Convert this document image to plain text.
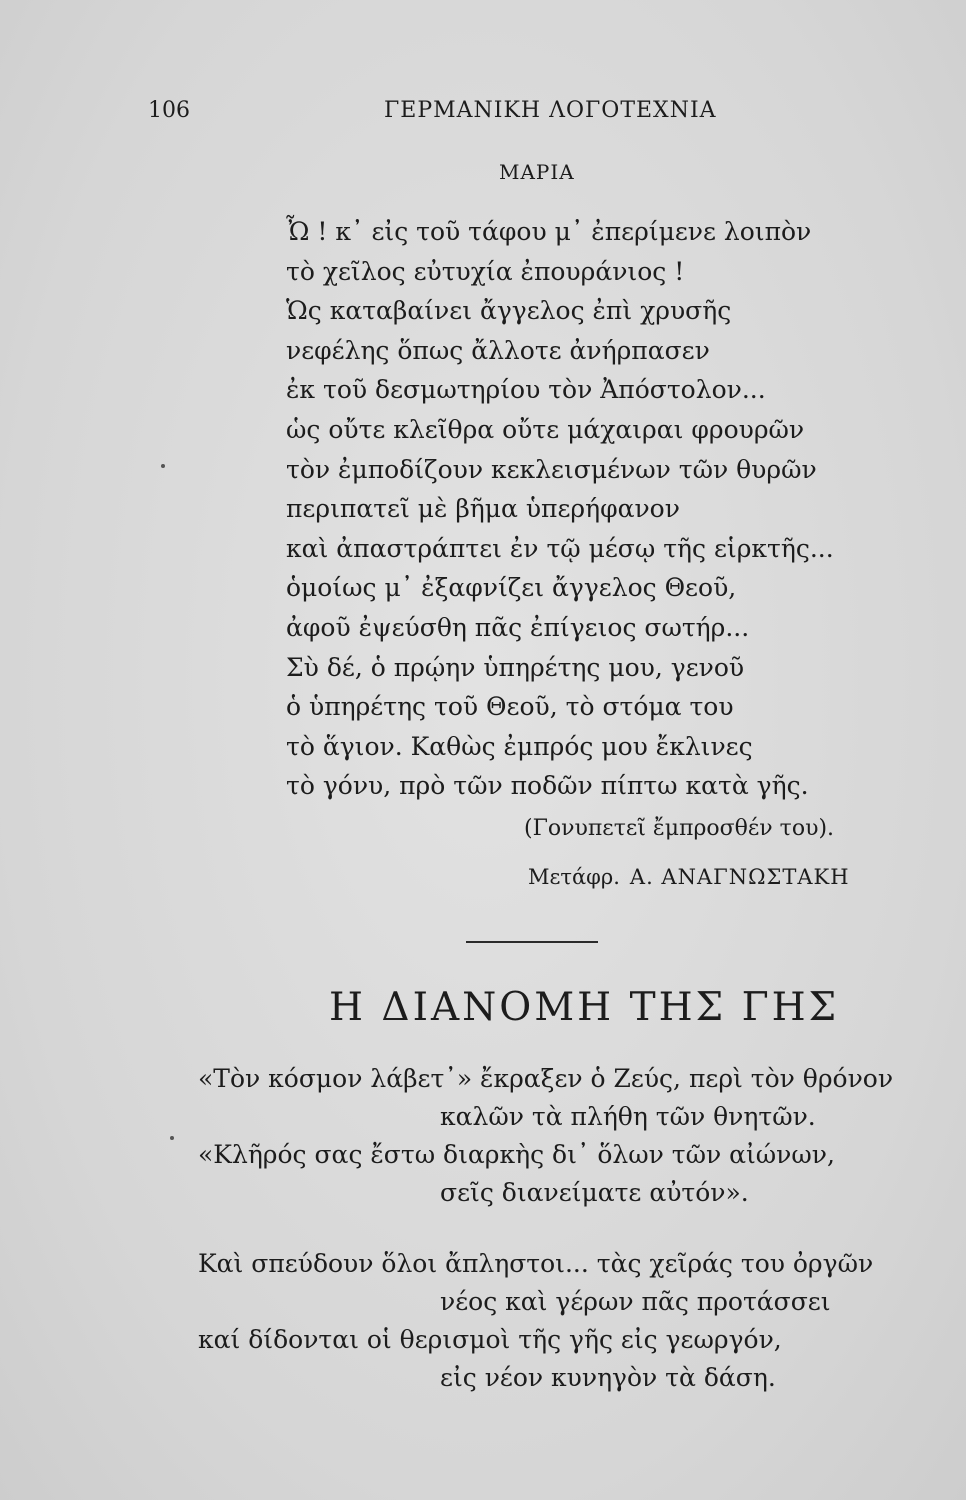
106	ΓΕΡΜΑΝΙΚΗ ΛΟΓΟΤΕΧΝΙΑ
ΜΑΡΙΑ
Ὦ ! κ᾽ εἰς τοῦ τάφου μ᾽ ἐπερίμενε λοιπὸν
τὸ χεῖλος εὐτυχία ἐπουράνιος !
Ὡς καταβαίνει ἄγγελος ἐπὶ χρυσῆς
νεφέλης ὅπως ἄλλοτε ἀνήρπασεν
ἐκ τοῦ δεσμωτηρίου τὸν Ἀπόστολον...
ὡς οὔτε κλεῖθρα οὔτε μάχαιραι φρουρῶν
τὸν ἐμποδίζουν κεκλεισμένων τῶν θυρῶν
περιπατεῖ μὲ βῆμα ὑπερήφανον
καὶ ἀπαστράπτει ἐν τῷ μέσῳ τῆς εἱρκτῆς...
ὁμοίως μ᾽ ἐξαφνίζει ἄγγελος Θεοῦ,
ἀφοῦ ἐψεύσθη πᾶς ἐπίγειος σωτήρ...
Σὺ δέ, ὁ πρῴην ὑπηρέτης μου, γενοῦ
ὁ ὑπηρέτης τοῦ Θεοῦ, τὸ στόμα του
τὸ ἅγιον. Καθὼς ἐμπρός μου ἔκλινες
τὸ γόνυ, πρὸ τῶν ποδῶν πίπτω κατὰ γῆς.
(Γονυπετεῖ ἔμπροσθέν του).
Μετάφρ. Α. ΑΝΑΓΝΩΣΤΑΚΗ
Η ΔΙΑΝΟΜΗ ΤΗΣ ΓΗΣ
«Τὸν κόσμον λάβετ᾽» ἔκραξεν ὁ Ζεύς, περὶ τὸν θρόνον
καλῶν τὰ πλήθη τῶν θνητῶν.
«Κλῆρός σας ἔστω διαρκὴς δι᾽ ὅλων τῶν αἰώνων,
σεῖς διανείματε αὐτόν».
Καὶ σπεύδουν ὅλοι ἄπληστοι... τὰς χεῖράς του ὀργῶν
νέος καὶ γέρων πᾶς προτάσσει
καί δίδονται οἱ θερισμοὶ τῆς γῆς εἰς γεωργόν,
εἰς νέον κυνηγὸν τὰ δάση.
